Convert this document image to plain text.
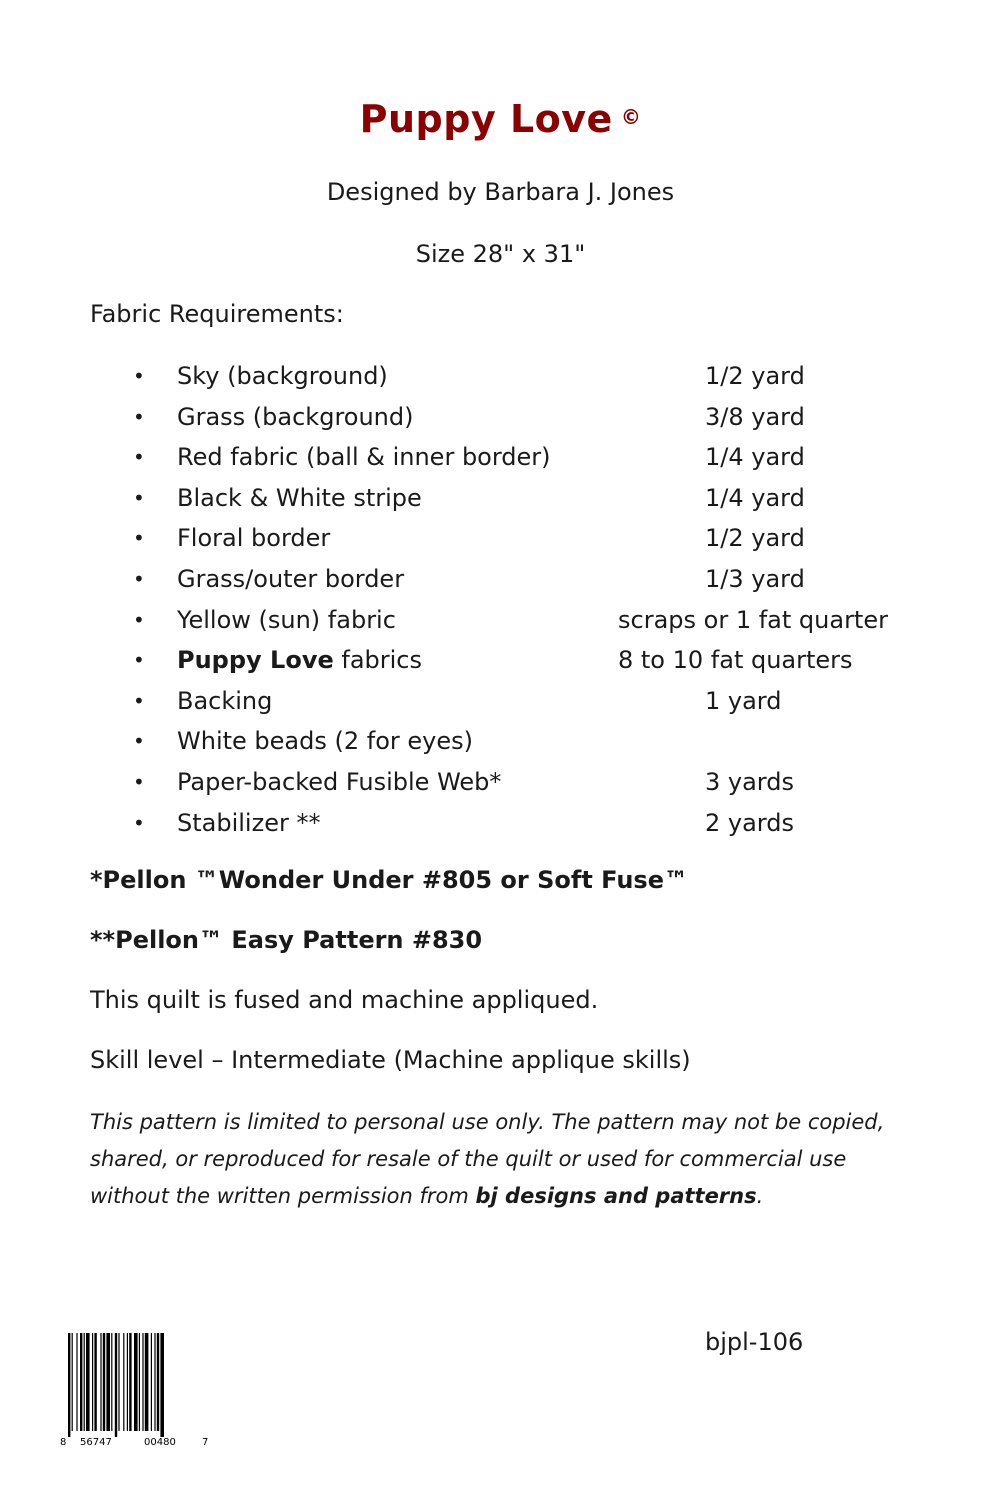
Puppy Love ©
Designed by Barbara J. Jones
Size 28" x 31"
Fabric Requirements:
• Sky (background)	1/2 yard
• Grass (background)	3/8 yard
• Red fabric (ball & inner border)	1/4 yard
• Black & White stripe	1/4 yard
• Floral border	1/2 yard
• Grass/outer border	1/3 yard
• Yellow (sun) fabric	scraps or 1 fat quarter
• Puppy Love fabrics	8 to 10 fat quarters
• Backing	1 yard
• White beads (2 for eyes)
• Paper-backed Fusible Web*	3 yards
• Stabilizer **	2 yards
*Pellon ™Wonder Under #805 or Soft Fuse™
**Pellon™ Easy Pattern #830
This quilt is fused and machine appliqued.
Skill level – Intermediate (Machine applique skills)
This pattern is limited to personal use only. The pattern may not be copied, shared, or reproduced for resale of the quilt or used for commercial use without the written permission from bj designs and patterns.
8 56747	00480	7
bjpl-106
